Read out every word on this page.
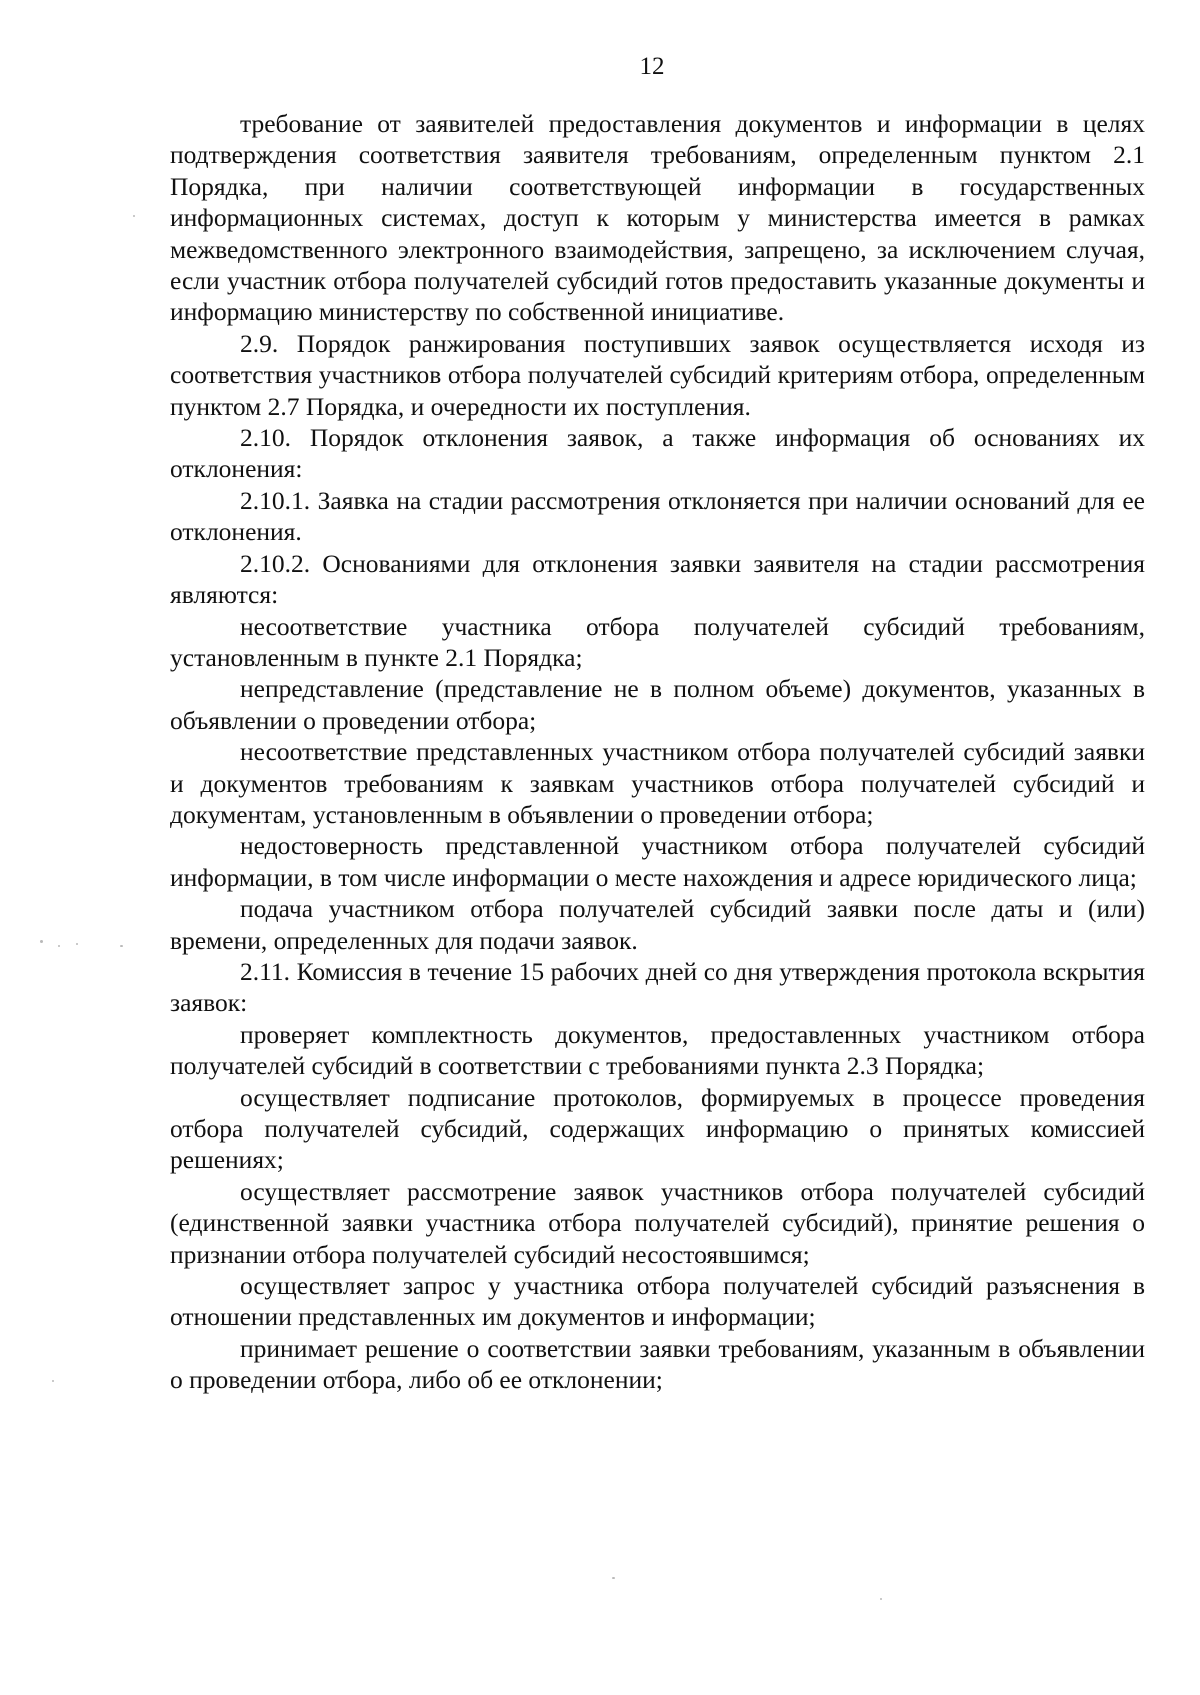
12

требование от заявителей предоставления документов и информации в целях подтверждения соответствия заявителя требованиям, определенным пунктом 2.1 Порядка, при наличии соответствующей информации в государственных информационных системах, доступ к которым у министерства имеется в рамках межведомственного электронного взаимодействия, запрещено, за исключением случая, если участник отбора получателей субсидий готов предоставить указанные документы и информацию министерству по собственной инициативе.

2.9. Порядок ранжирования поступивших заявок осуществляется исходя из соответствия участников отбора получателей субсидий критериям отбора, определенным пунктом 2.7 Порядка, и очередности их поступления.

2.10. Порядок отклонения заявок, а также информация об основаниях их отклонения:

2.10.1. Заявка на стадии рассмотрения отклоняется при наличии оснований для ее отклонения.

2.10.2. Основаниями для отклонения заявки заявителя на стадии рассмотрения являются:

несоответствие участника отбора получателей субсидий требованиям, установленным в пункте 2.1 Порядка;

непредставление (представление не в полном объеме) документов, указанных в объявлении о проведении отбора;

несоответствие представленных участником отбора получателей субсидий заявки и документов требованиям к заявкам участников отбора получателей субсидий и документам, установленным в объявлении о проведении отбора;

недостоверность представленной участником отбора получателей субсидий информации, в том числе информации о месте нахождения и адресе юридического лица;

подача участником отбора получателей субсидий заявки после даты и (или) времени, определенных для подачи заявок.

2.11. Комиссия в течение 15 рабочих дней со дня утверждения протокола вскрытия заявок:

проверяет комплектность документов, предоставленных участником отбора получателей субсидий в соответствии с требованиями пункта 2.3 Порядка;

осуществляет подписание протоколов, формируемых в процессе проведения отбора получателей субсидий, содержащих информацию о принятых комиссией решениях;

осуществляет рассмотрение заявок участников отбора получателей субсидий (единственной заявки участника отбора получателей субсидий), принятие решения о признании отбора получателей субсидий несостоявшимся;

осуществляет запрос у участника отбора получателей субсидий разъяснения в отношении представленных им документов и информации;

принимает решение о соответствии заявки требованиям, указанным в объявлении о проведении отбора, либо об ее отклонении;
